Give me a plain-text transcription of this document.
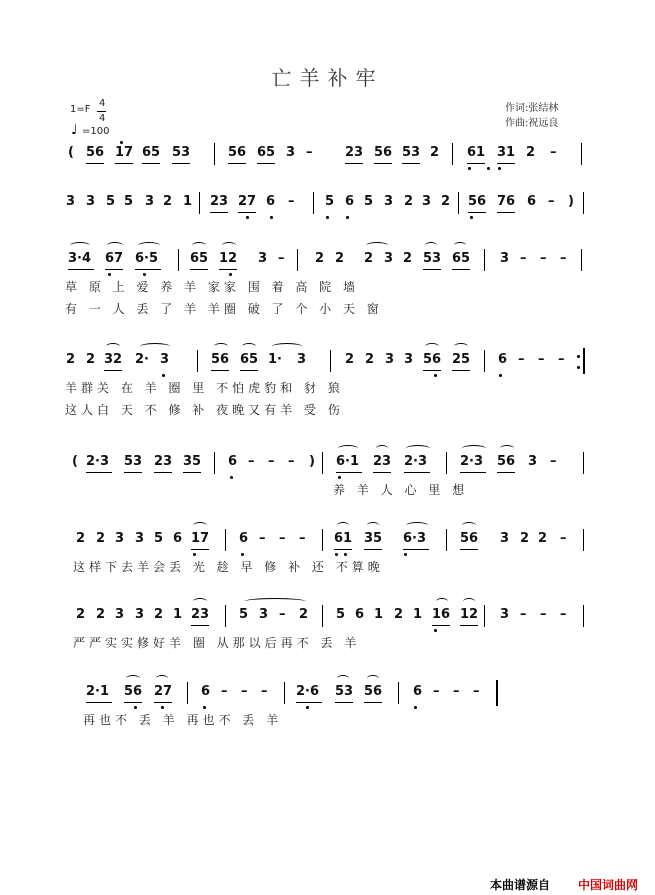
亡羊补牢
1=F
4
4
♩ =100
作词:张结林
作曲:祝远良
( 56 17 65 53	56 65 3 –	23 56 53 2 61 31 2 –
3 3 5 5 3 2 1 23 27 6 – 5 6 5 3 2 3 2 56 76 6 – )
3·4 67 6·5 65 12 3 – 2 2 2 3 2 53 65 3 – – –
草 原 上 爱 养 羊 家家 围 着 高 院 墙
有 一 人 丢 了 羊 羊圈 破 了 个 小 天 窗
2 2 32 2· 3	56 65 1· 3	2 2 3 3 56 25 6 – – –
羊群关 在 羊 圈 里 不怕虎豹和 豺 狼
这人白 天 不 修 补 夜晚又有羊 受 伤
( 2·3 53 23 35 6 – – – ) 6·1 23 2·3	2·3 56 3 –
养 羊 人 心 里 想
2 2 3 3 5 6 17 6 – – – 61 35 6·3	56 3 2 2 –
这样下去羊会丢 光 趁 早 修 补 还 不算晚
2 2 3 3 2 1 23 5 3 – 2 5 6 1 2 1 16 12 3 – – –
严严实实修好羊 圈 从那以后再不 丢 羊
2·1 56 27 6 – – – 2·6 53 56 6 – – –
再也不 丢 羊 再也不 丢 羊
本曲谱源自 中国词曲网
